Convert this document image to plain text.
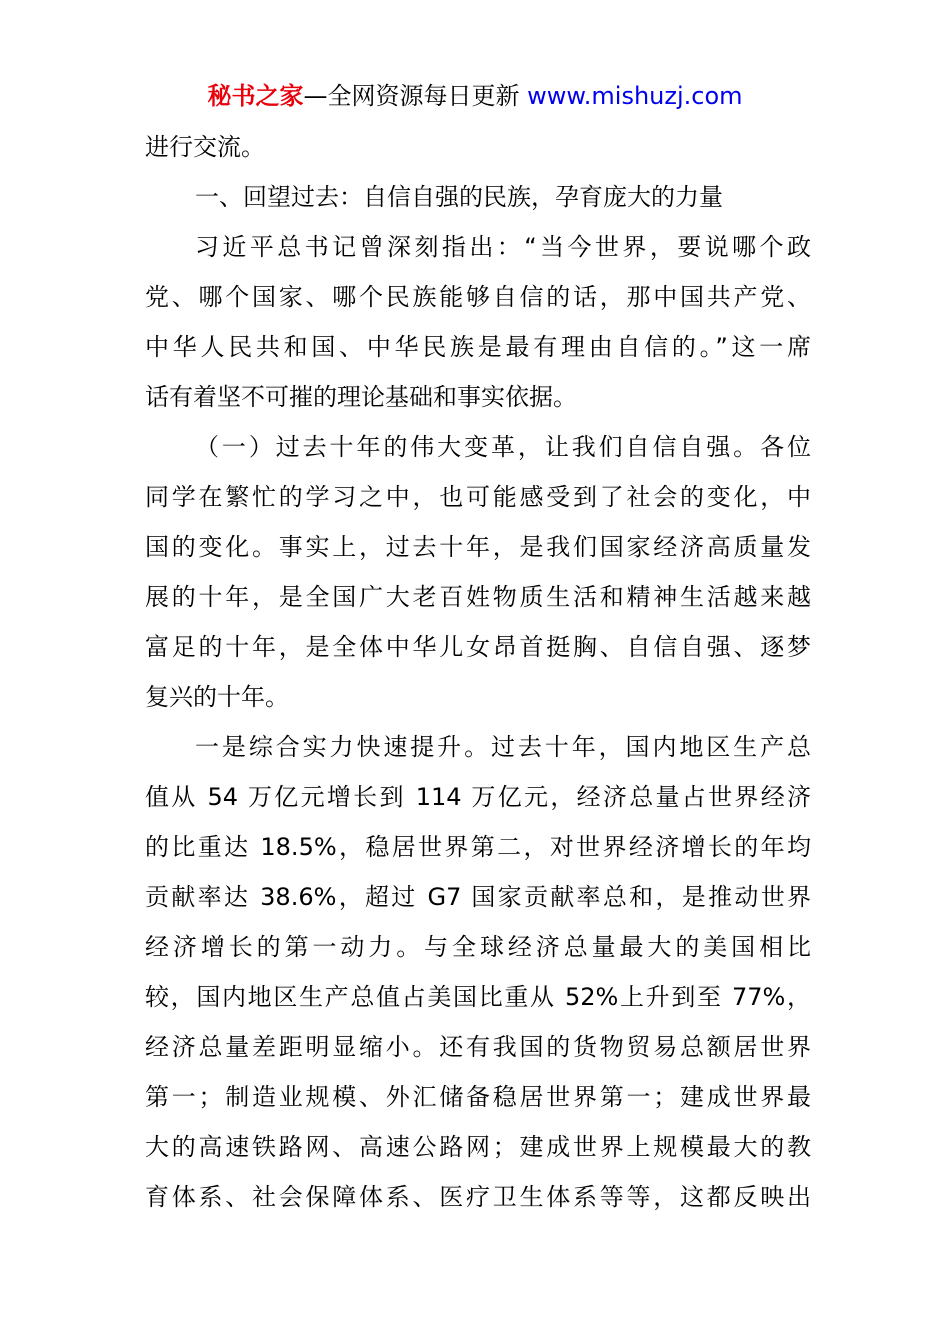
秘书之家—全网资源每日更新 www.mishuzj.com
进行交流。
一、回望过去：自信自强的民族，孕育庞大的力量
习近平总书记曾深刻指出：“当今世界，要说哪个政
党、哪个国家、哪个民族能够自信的话，那中国共产党、
中华人民共和国、中华民族是最有理由自信的。”这一席
话有着坚不可摧的理论基础和事实依据。
（一）过去十年的伟大变革，让我们自信自强。各位
同学在繁忙的学习之中，也可能感受到了社会的变化，中
国的变化。事实上，过去十年，是我们国家经济高质量发
展的十年，是全国广大老百姓物质生活和精神生活越来越
富足的十年，是全体中华儿女昂首挺胸、自信自强、逐梦
复兴的十年。
一是综合实力快速提升。过去十年，国内地区生产总
值从 54 万亿元增长到 114 万亿元，经济总量占世界经济
的比重达 18.5%，稳居世界第二，对世界经济增长的年均
贡献率达 38.6%，超过 G7 国家贡献率总和，是推动世界
经济增长的第一动力。与全球经济总量最大的美国相比
较，国内地区生产总值占美国比重从 52%上升到至 77%，
经济总量差距明显缩小。还有我国的货物贸易总额居世界
第一；制造业规模、外汇储备稳居世界第一；建成世界最
大的高速铁路网、高速公路网；建成世界上规模最大的教
育体系、社会保障体系、医疗卫生体系等等，这都反映出
